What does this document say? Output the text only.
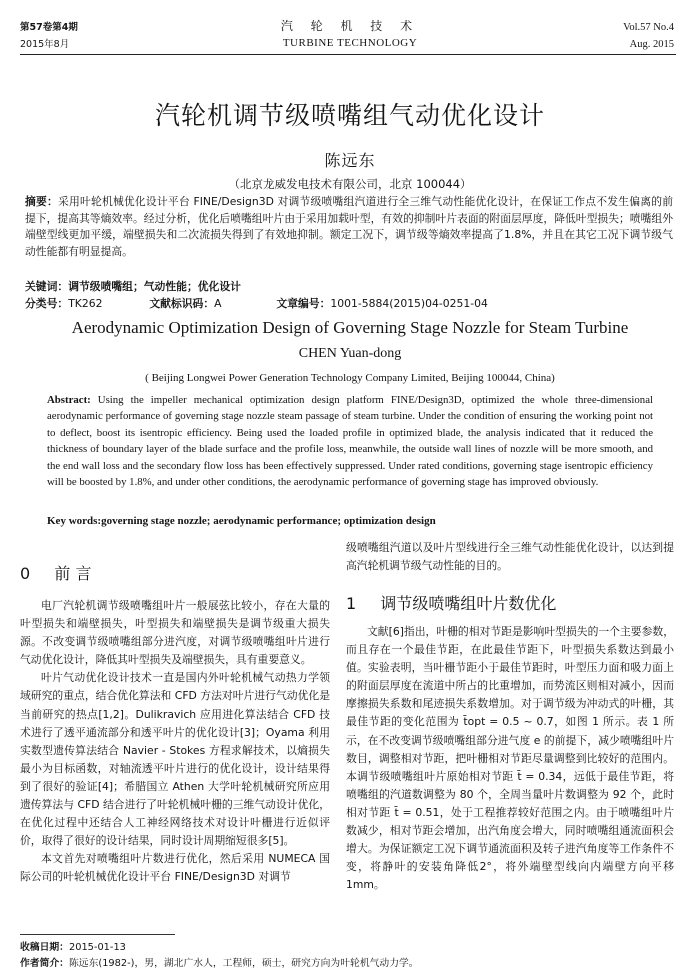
第57卷第4期
2015年8月
汽 轮 机 技 术
TURBINE TECHNOLOGY
Vol.57 No.4
Aug. 2015
汽轮机调节级喷嘴组气动优化设计
陈远东
（北京龙威发电技术有限公司，北京 100044）
摘要：采用叶轮机械优化设计平台 FINE/Design3D 对调节级喷嘴组汽道进行全三维气动性能优化设计，在保证工作点不发生偏离的前提下，提高其等熵效率。经过分析，优化后喷嘴组叶片由于采用加载叶型，有效的抑制叶片表面的附面层厚度，降低叶型损失；喷嘴组外端壁型线更加平缓，端壁损失和二次流损失得到了有效地抑制。额定工况下，调节级等熵效率提高了1.8%，并且在其它工况下调节级气动性能都有明显提高。
关键词：调节级喷嘴组；气动性能；优化设计
分类号：TK262	文献标识码：A	文章编号：1001-5884(2015)04-0251-04
Aerodynamic Optimization Design of Governing Stage Nozzle for Steam Turbine
CHEN Yuan-dong
( Beijing Longwei Power Generation Technology Company Limited, Beijing 100044, China)
Abstract: Using the impeller mechanical optimization design platform FINE/Design3D, optimized the whole three-dimensional aerodynamic performance of governing stage nozzle steam passage of steam turbine. Under the condition of ensuring the working point not to deflect, boost its isentropic efficiency. Being used the loaded profile in optimized blade, the analysis indicated that it reduced the thickness of boundary layer of the blade surface and the profile loss, meanwhile, the outside wall lines of nozzle will be more smooth, and the end wall loss and the secondary flow loss has been effectively suppressed. Under rated conditions, governing stage isentropic efficiency will be boosted by 1.8%, and under other conditions, the aerodynamic performance of governing stage has improved obviously.
Key words:governing stage nozzle; aerodynamic performance; optimization design
0 前 言

电厂汽轮机调节级喷嘴组叶片一般展弦比较小，存在大量的叶型损失和端壁损失，叶型损失和端壁损失是调节级重大损失源。不改变调节级喷嘴组部分进汽度，对调节级喷嘴组叶片进行气动优化设计，降低其叶型损失及端壁损失，具有重要意义。

叶片气动优化设计技术一直是国内外叶轮机械气动热力学领域研究的重点，结合优化算法和 CFD 方法对叶片进行气动优化是当前研究的热点[1,2]。Dulikravich 应用进化算法结合 CFD 技术进行了透平通流部分和透平叶片的优化设计[3]；Oyama 利用实数型遗传算法结合 Navier - Stokes 方程求解技术，以熵损失最小为目标函数，对轴流透平叶片进行的优化设计，设计结果得到了很好的验证[4]；希腊国立 Athen 大学叶轮机械研究所应用遗传算法与 CFD 结合进行了叶轮机械叶栅的三维气动设计优化，在优化过程中还结合人工神经网络技术对设计叶栅进行近似评价，取得了很好的设计结果，同时设计周期缩短很多[5]。

本文首先对喷嘴组叶片数进行优化，然后采用 NUMECA 国际公司的叶轮机械优化设计平台 FINE/Design3D 对调节

级喷嘴组汽道以及叶片型线进行全三维气动性能优化设计，以达到提高汽轮机调节级气动性能的目的。
1 调节级喷嘴组叶片数优化

文献[6]指出，叶栅的相对节距是影响叶型损失的一个主要参数，而且存在一个最佳节距，在此最佳节距下，叶型损失系数达到最小值。实验表明，当叶栅节距小于最佳节距时，叶型压力面和吸力面上的附面层厚度在流道中所占的比重增加，而势流区则相对减小，因而摩擦损失系数和尾迹损失系数增加。对于调节级为冲动式的叶栅，其最佳节距的变化范围为 t̄opt = 0.5 ~ 0.7，如图 1 所示。表 1 所示，在不改变调节级喷嘴组部分进气度 e 的前提下，减少喷嘴组叶片数目，调整相对节距，把叶栅相对节距尽量调整到比较好的范围内。本调节级喷嘴组叶片原始相对节距 t̄ = 0.34，远低于最佳节距，将喷嘴组的汽道数调整为 80 个，全周当量叶片数调整为 92 个，此时相对节距 t̄ = 0.51，处于工程推荐较好范围之内。由于喷嘴组叶片数减少，相对节距会增加，出汽角度会增大，同时喷嘴组通流面积会增大。为保证额定工况下调节通流面积及转子进汽角度等工作条件不变，将静叶的安装角降低2°，将外端壁型线向内端壁方向平移 1mm。

收稿日期：2015-01-13
作者简介：陈远东(1982-)，男，湖北广水人，工程师，硕士，研究方向为叶轮机气动力学。
